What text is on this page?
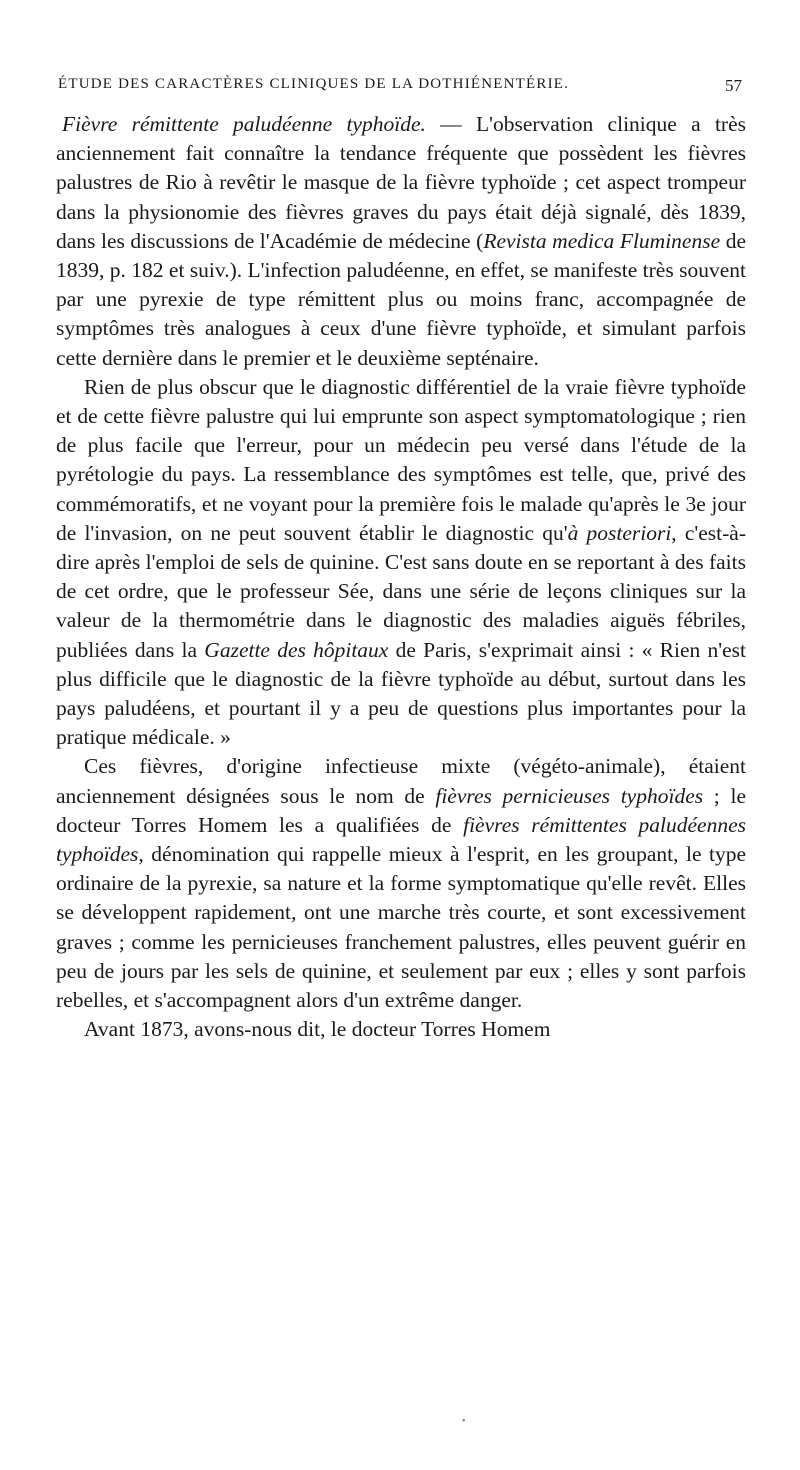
ÉTUDE DES CARACTÈRES CLINIQUES DE LA DOTHIÉNENTÉRIE.	57

Fièvre rémittente paludéenne typhoïde. — L'observation clinique a très anciennement fait connaître la tendance fréquente que possèdent les fièvres palustres de Rio à revêtir le masque de la fièvre typhoïde ; cet aspect trompeur dans la physionomie des fièvres graves du pays était déjà signalé, dès 1839, dans les discussions de l'Académie de médecine (Revista medica Fluminense de 1839, p. 182 et suiv.). L'infection paludéenne, en effet, se manifeste très souvent par une pyrexie de type rémittent plus ou moins franc, accompagnée de symptômes très analogues à ceux d'une fièvre typhoïde, et simulant parfois cette dernière dans le premier et le deuxième septénaire.

Rien de plus obscur que le diagnostic différentiel de la vraie fièvre typhoïde et de cette fièvre palustre qui lui emprunte son aspect symptomatologique ; rien de plus facile que l'erreur, pour un médecin peu versé dans l'étude de la pyrétologie du pays. La ressemblance des symptômes est telle, que, privé des commémoratifs, et ne voyant pour la première fois le malade qu'après le 3e jour de l'invasion, on ne peut souvent établir le diagnostic qu'à posteriori, c'est-à-dire après l'emploi de sels de quinine. C'est sans doute en se reportant à des faits de cet ordre, que le professeur Sée, dans une série de leçons cliniques sur la valeur de la thermométrie dans le diagnostic des maladies aiguës fébriles, publiées dans la Gazette des hôpitaux de Paris, s'exprimait ainsi : « Rien n'est plus difficile que le diagnostic de la fièvre typhoïde au début, surtout dans les pays paludéens, et pourtant il y a peu de questions plus importantes pour la pratique médicale. »

Ces fièvres, d'origine infectieuse mixte (végéto-animale), étaient anciennement désignées sous le nom de fièvres pernicieuses typhoïdes ; le docteur Torres Homem les a qualifiées de fièvres rémittentes paludéennes typhoïdes, dénomination qui rappelle mieux à l'esprit, en les groupant, le type ordinaire de la pyrexie, sa nature et la forme symptomatique qu'elle revêt. Elles se développent rapidement, ont une marche très courte, et sont excessivement graves ; comme les pernicieuses franchement palustres, elles peuvent guérir en peu de jours par les sels de quinine, et seulement par eux ; elles y sont parfois rebelles, et s'accompagnent alors d'un extrême danger.

Avant 1873, avons-nous dit, le docteur Torres Homem

•
